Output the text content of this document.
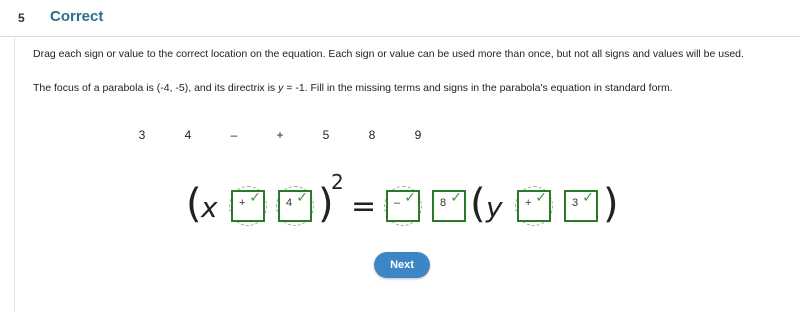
5 Correct
Drag each sign or value to the correct location on the equation. Each sign or value can be used more than once, but not all signs and values will be used.
The focus of a parabola is (-4, -5), and its directrix is y = -1. Fill in the missing terms and signs in the parabola's equation in standard form.
3	4	–	+	5	8	9
( x + ✓ 4 ✓ )
2
= – ✓ 8 ✓ ( y + ✓ 3 ✓ )
Next
